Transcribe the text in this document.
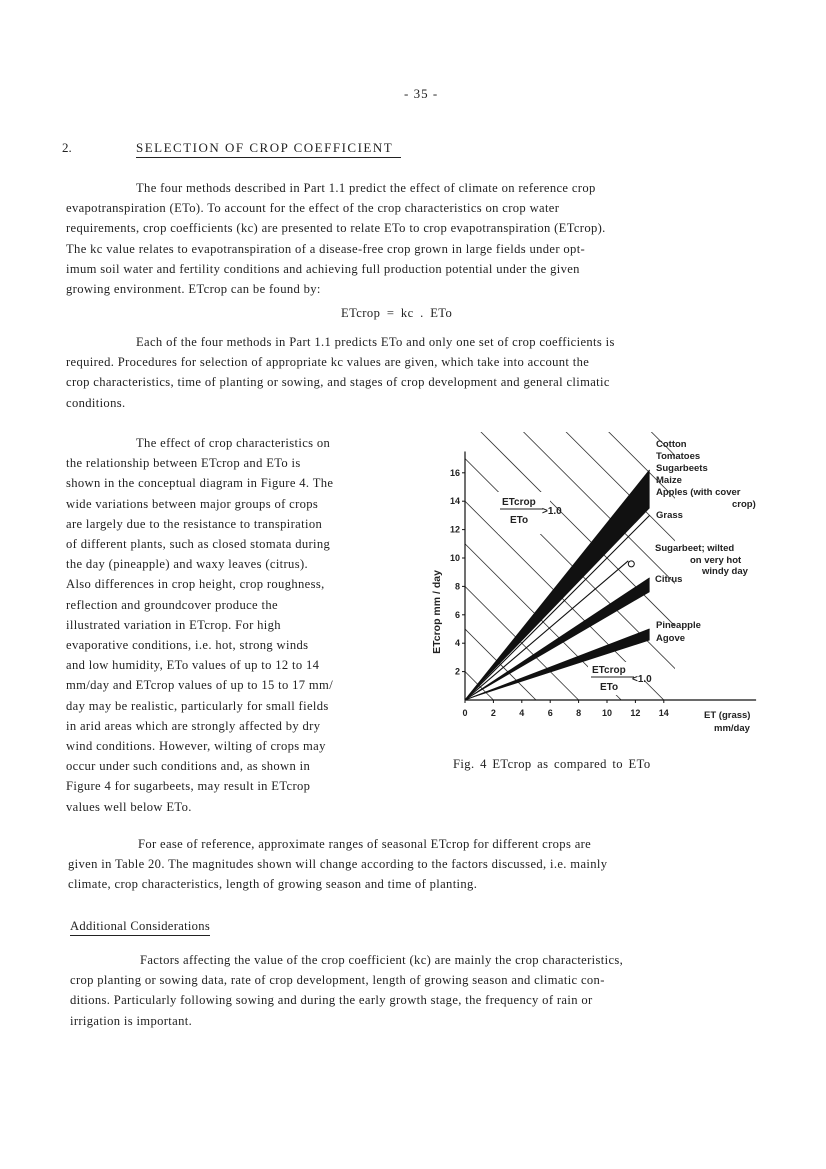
- 35 -
2.	SELECTION OF CROP COEFFICIENT
The four methods described in Part 1.1 predict the effect of climate on reference crop
evapotranspiration (ETo). To account for the effect of the crop characteristics on crop water
requirements, crop coefficients (kc) are presented to relate ETo to crop evapotranspiration (ETcrop).
The kc value relates to evapotranspiration of a disease-free crop grown in large fields under opt-
imum soil water and fertility conditions and achieving full production potential under the given
growing environment. ETcrop can be found by:
ETcrop = kc . ETo
Each of the four methods in Part 1.1 predicts ETo and only one set of crop coefficients is
required. Procedures for selection of appropriate kc values are given, which take into account the
crop characteristics, time of planting or sowing, and stages of crop development and general climatic
conditions.
The effect of crop characteristics on
the relationship between ETcrop and ETo is
shown in the conceptual diagram in Figure 4. The
wide variations between major groups of crops
are largely due to the resistance to transpiration
of different plants, such as closed stomata during
the day (pineapple) and waxy leaves (citrus).
Also differences in crop height, crop roughness,
reflection and groundcover produce the
illustrated variation in ETcrop. For high
evaporative conditions, i.e. hot, strong winds
and low humidity, ETo values of up to 12 to 14
mm/day and ETcrop values of up to 15 to 17 mm/
day may be realistic, particularly for small fields
in arid areas which are strongly affected by dry
wind conditions. However, wilting of crops may
occur under such conditions and, as shown in
Figure 4 for sugarbeets, may result in ETcrop
values well below ETo.
0	2	4	6	8 10 12 14
2
4
6
8
10
12
14
16
ETcrop mm / day
ET (grass)
mm/day
ETcrop
ETo
>1.0
ETcrop
ETo
<1.0
Cotton
Tomatoes
Sugarbeets
Maize
Apples (with cover
crop)
Grass
Sugarbeet; wilted
on very hot
windy day
Citrus
Pineapple
Agove
Fig. 4 ETcrop as compared to ETo
For ease of reference, approximate ranges of seasonal ETcrop for different crops are
given in Table 20. The magnitudes shown will change according to the factors discussed, i.e. mainly
climate, crop characteristics, length of growing season and time of planting.
Additional Considerations
Factors affecting the value of the crop coefficient (kc) are mainly the crop characteristics,
crop planting or sowing data, rate of crop development, length of growing season and climatic con-
ditions. Particularly following sowing and during the early growth stage, the frequency of rain or
irrigation is important.
